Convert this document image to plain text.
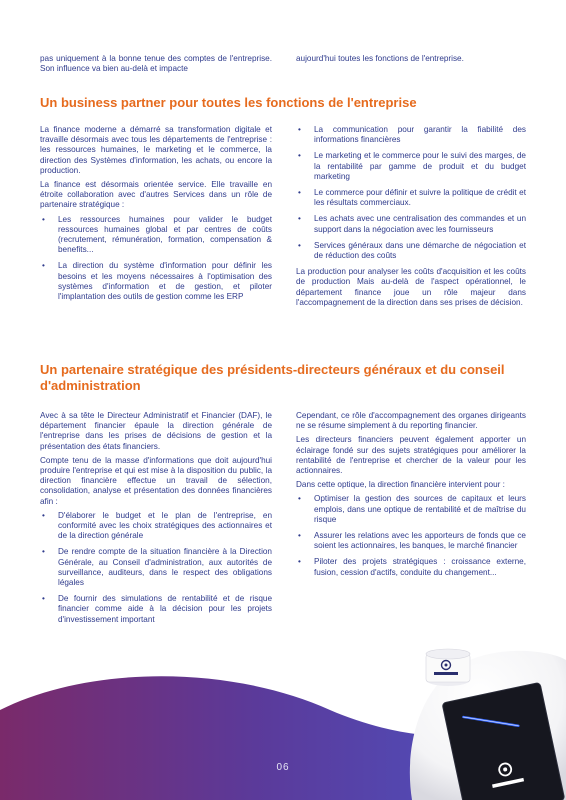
pas uniquement à la bonne tenue des comptes de l'entreprise. Son influence va bien au-delà et impacte

aujourd'hui toutes les fonctions de l'entreprise.

Un business partner pour toutes les fonctions de l'entreprise

La finance moderne a démarré sa transformation digitale et travaille désormais avec tous les départements de l'entreprise : les ressources humaines, le marketing et le commerce, la direction des Systèmes d'information, les achats, ou encore la production.

La finance est désormais orientée service. Elle travaille en étroite collaboration avec d'autres Services dans un rôle de partenaire stratégique :

• Les ressources humaines pour valider le budget ressources humaines global et par centres de coûts (recrutement, rémunération, formation, compensation & benefits...
• La direction du système d'information pour définir les besoins et les moyens nécessaires à l'optimisation des systèmes d'information et de gestion, et piloter l'implantation des outils de gestion comme les ERP
• La communication pour garantir la fiabilité des informations financières
• Le marketing et le commerce pour le suivi des marges, de la rentabilité par gamme de produit et du budget marketing
• Le commerce pour définir et suivre la politique de crédit et les résultats commerciaux.
• Les achats avec une centralisation des commandes et un support dans la négociation avec les fournisseurs
• Services généraux dans une démarche de négociation et de réduction des coûts

La production pour analyser les coûts d'acquisition et les coûts de production Mais au-delà de l'aspect opérationnel, le département finance joue un rôle majeur dans l'accompagnement de la direction dans ses prises de décision.

Un partenaire stratégique des présidents-directeurs généraux et du conseil d'administration

Avec à sa tête le Directeur Administratif et Financier (DAF), le département financier épaule la direction générale de l'entreprise dans les prises de décisions de gestion et la présentation des états financiers.

Compte tenu de la masse d'informations que doit aujourd'hui produire l'entreprise et qui est mise à la disposition du public, la direction financière effectue un travail de sélection, consolidation, analyse et présentation des données financières afin :

• D'élaborer le budget et le plan de l'entreprise, en conformité avec les choix stratégiques des actionnaires et de la direction générale
• De rendre compte de la situation financière à la Direction Générale, au Conseil d'administration, aux autorités de surveillance, auditeurs, dans le respect des obligations légales
• De fournir des simulations de rentabilité et de risque financier comme aide à la décision pour les projets d'investissement important

Cependant, ce rôle d'accompagnement des organes dirigeants ne se résume simplement à du reporting financier.

Les directeurs financiers peuvent également apporter un éclairage fondé sur des sujets stratégiques pour améliorer la rentabilité de l'entreprise et chercher de la valeur pour les actionnaires.

Dans cette optique, la direction financière intervient pour :

• Optimiser la gestion des sources de capitaux et leurs emplois, dans une optique de rentabilité et de maîtrise du risque
• Assurer les relations avec les apporteurs de fonds que ce soient les actionnaires, les banques, le marché financier
• Piloter des projets stratégiques : croissance externe, fusion, cession d'actifs, conduite du changement...
06
